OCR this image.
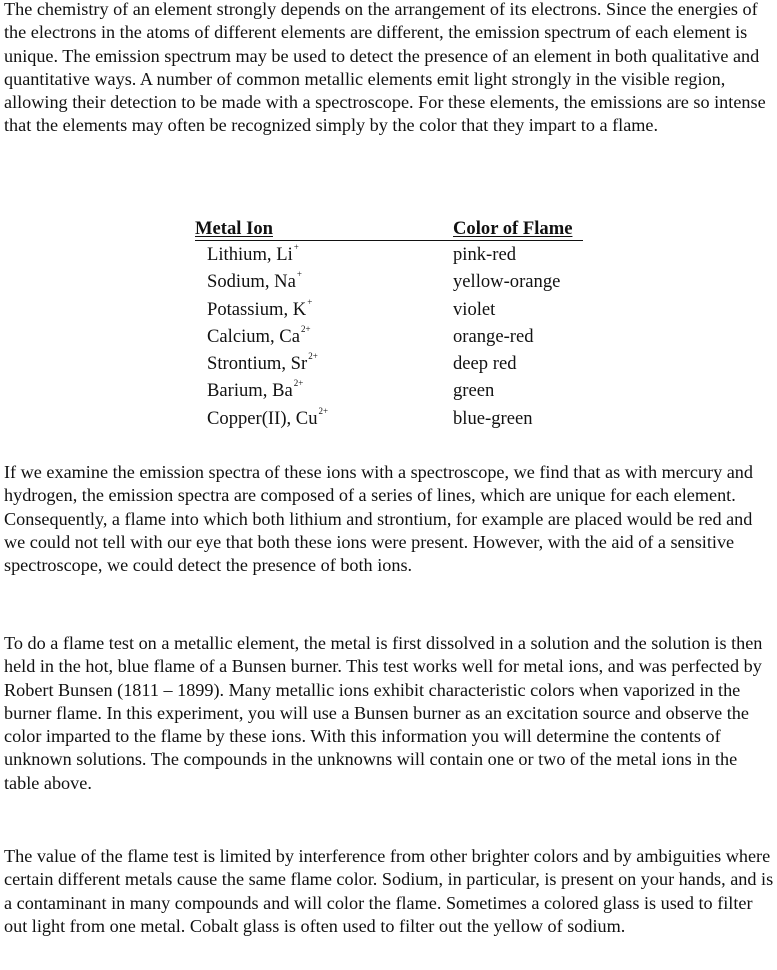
The chemistry of an element strongly depends on the arrangement of its electrons. Since the energies of the electrons in the atoms of different elements are different, the emission spectrum of each element is unique. The emission spectrum may be used to detect the presence of an element in both qualitative and quantitative ways. A number of common metallic elements emit light strongly in the visible region, allowing their detection to be made with a spectroscope. For these elements, the emissions are so intense that the elements may often be recognized simply by the color that they impart to a flame.

Metal Ion	Color of Flame
Lithium, Li+	pink-red
Sodium, Na+	yellow-orange
Potassium, K+	violet
Calcium, $Ca^{2+}$	orange-red
Strontium, $Sr^{2+}$	deep red
Barium, $Ba^{2+}$	green
Copper(II), $Cu^{2+}$	blue-green

If we examine the emission spectra of these ions with a spectroscope, we find that as with mercury and hydrogen, the emission spectra are composed of a series of lines, which are unique for each element. Consequently, a flame into which both lithium and strontium, for example are placed would be red and we could not tell with our eye that both these ions were present. However, with the aid of a sensitive spectroscope, we could detect the presence of both ions.

To do a flame test on a metallic element, the metal is first dissolved in a solution and the solution is then held in the hot, blue flame of a Bunsen burner. This test works well for metal ions, and was perfected by Robert Bunsen (1811 – 1899). Many metallic ions exhibit characteristic colors when vaporized in the burner flame. In this experiment, you will use a Bunsen burner as an excitation source and observe the color imparted to the flame by these ions. With this information you will determine the contents of unknown solutions. The compounds in the unknowns will contain one or two of the metal ions in the table above.

The value of the flame test is limited by interference from other brighter colors and by ambiguities where certain different metals cause the same flame color. Sodium, in particular, is present on your hands, and is a contaminant in many compounds and will color the flame. Sometimes a colored glass is used to filter out light from one metal. Cobalt glass is often used to filter out the yellow of sodium.
